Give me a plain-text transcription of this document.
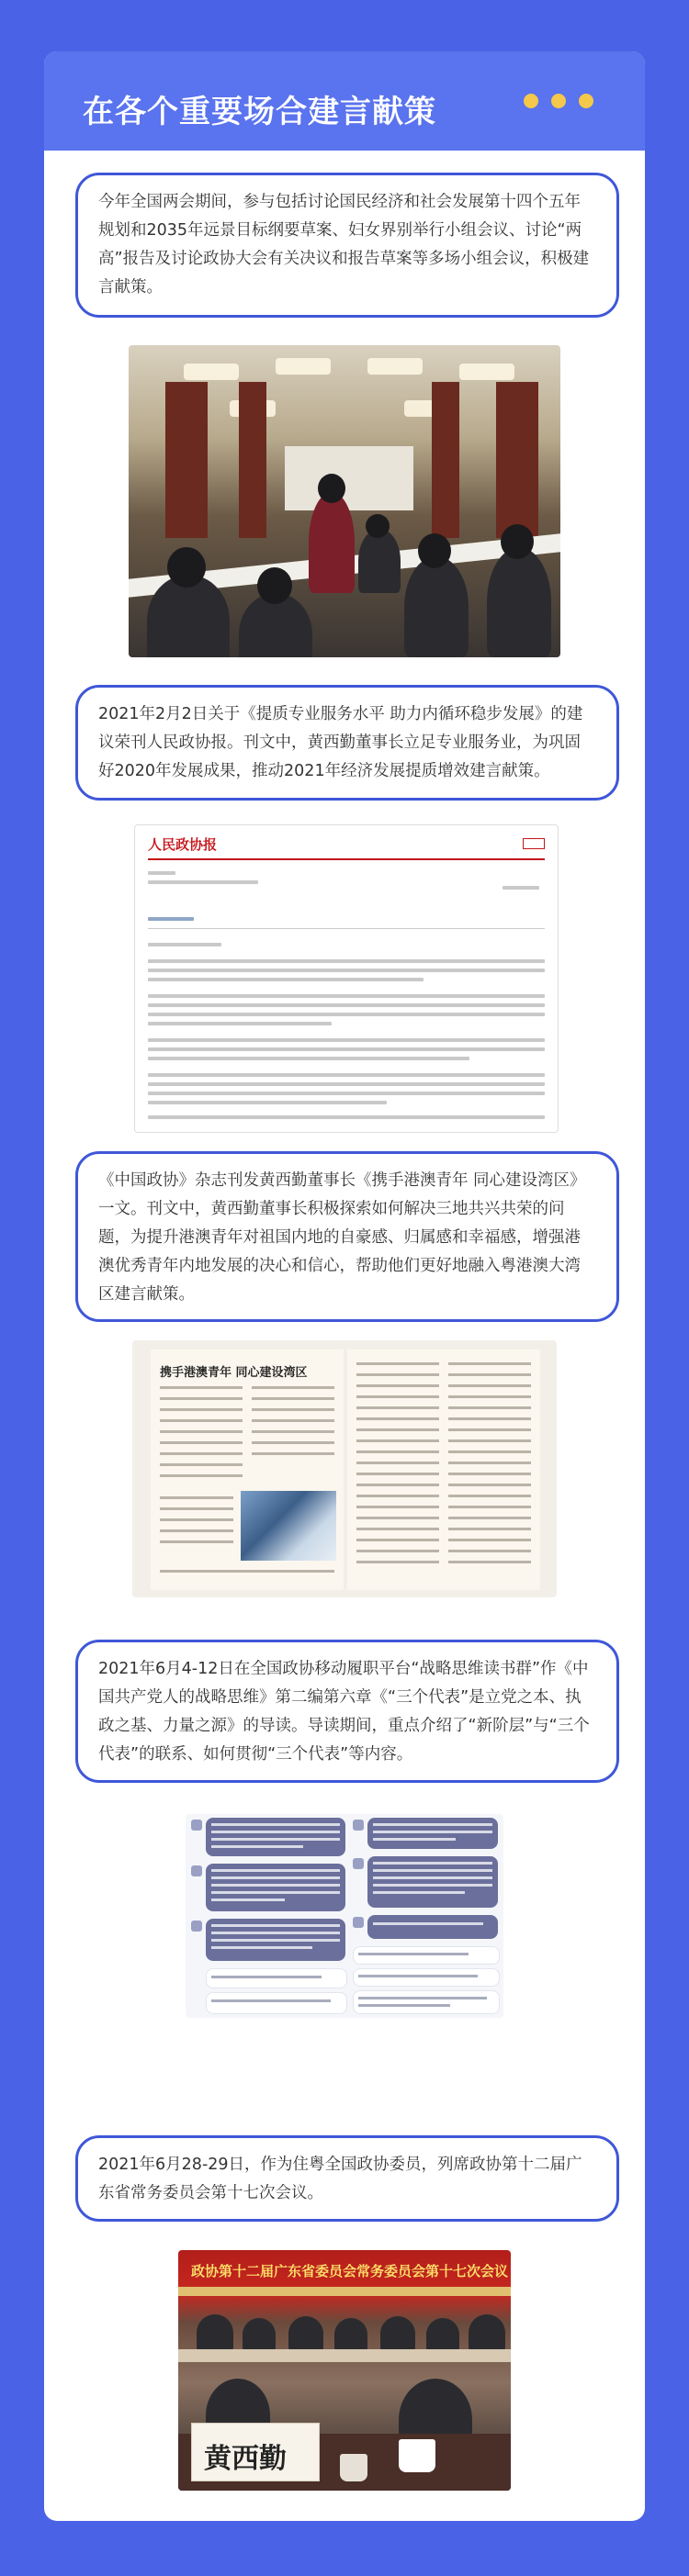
在各个重要场合建言献策
今年全国两会期间，参与包括讨论国民经济和社会发展第十四个五年规划和2035年远景目标纲要草案、妇女界别举行小组会议、讨论“两高”报告及讨论政协大会有关决议和报告草案等多场小组会议，积极建言献策。
2021年2月2日关于《提质专业服务水平 助力内循环稳步发展》的建议荣刊人民政协报。刊文中，黄西勤董事长立足专业服务业，为巩固好2020年发展成果，推动2021年经济发展提质增效建言献策。
人民政协报
《中国政协》杂志刊发黄西勤董事长《携手港澳青年 同心建设湾区》一文。刊文中，黄西勤董事长积极探索如何解决三地共兴共荣的问题，为提升港澳青年对祖国内地的自豪感、归属感和幸福感，增强港澳优秀青年内地发展的决心和信心，帮助他们更好地融入粤港澳大湾区建言献策。
携手港澳青年 同心建设湾区
2021年6月4-12日在全国政协移动履职平台“战略思维读书群”作《中国共产党人的战略思维》第二编第六章《“三个代表”是立党之本、执政之基、力量之源》的导读。导读期间，重点介绍了“新阶层”与“三个代表”的联系、如何贯彻“三个代表”等内容。
2021年6月28-29日，作为住粤全国政协委员，列席政协第十二届广东省常务委员会第十七次会议。
政协第十二届广东省委员会常务委员会第十七次会议
黄西勤
